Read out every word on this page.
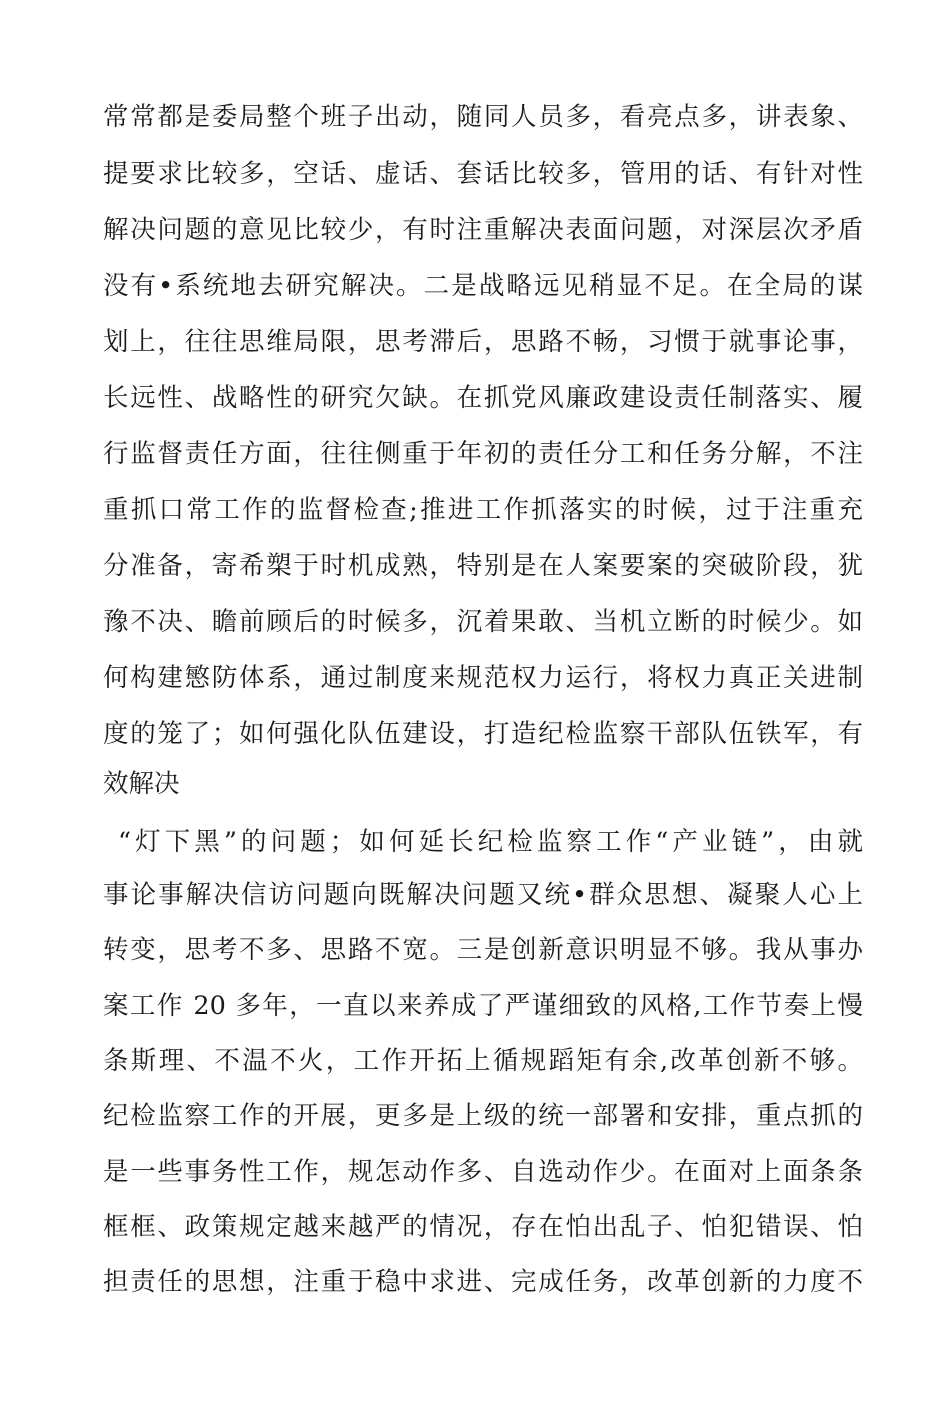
常常都是委局整个班子出动，随同人员多，看亮点多，讲表象、
提要求比较多，空话、虚话、套话比较多，管用的话、有针对性
解决问题的意见比较少，有时注重解决表面问题，对深层次矛盾
没有•系统地去研究解决。二是战略远见稍显不足。在全局的谋
划上，往往思维局限，思考滞后，思路不畅，习惯于就事论事，
长远性、战略性的研究欠缺。在抓党风廉政建设责任制落实、履
行监督责任方面，往往侧重于年初的责任分工和任务分解，不注
重抓口常工作的监督检查;推进工作抓落实的时候，过于注重充
分准备，寄希槊于时机成熟，特别是在人案要案的突破阶段，犹
豫不决、瞻前顾后的时候多，沉着果敢、当机立断的时候少。如
何构建慜防体系，通过制度来规范权力运行，将权力真正关进制
度的笼了；如何强化队伍建设，打造纪检监察干部队伍铁军，有
效解决
“灯下黑”的问题；如何延长纪检监察工作“产业链”，由就
事论事解决信访问题向既解决问题又统•群众思想、凝聚人心上
转变，思考不多、思路不宽。三是创新意识明显不够。我从事办
案工作 20 多年，一直以来养成了严谨细致的风格,工作节奏上慢
条斯理、不温不火，工作开拓上循规蹈矩有余,改革创新不够。
纪检监察工作的开展，更多是上级的统一部署和安排，重点抓的
是一些事务性工作，规怎动作多、自选动作少。在面对上面条条
框框、政策规定越来越严的情况，存在怕出乱子、怕犯错误、怕
担责任的思想，注重于稳中求进、完成任务，改革创新的力度不
